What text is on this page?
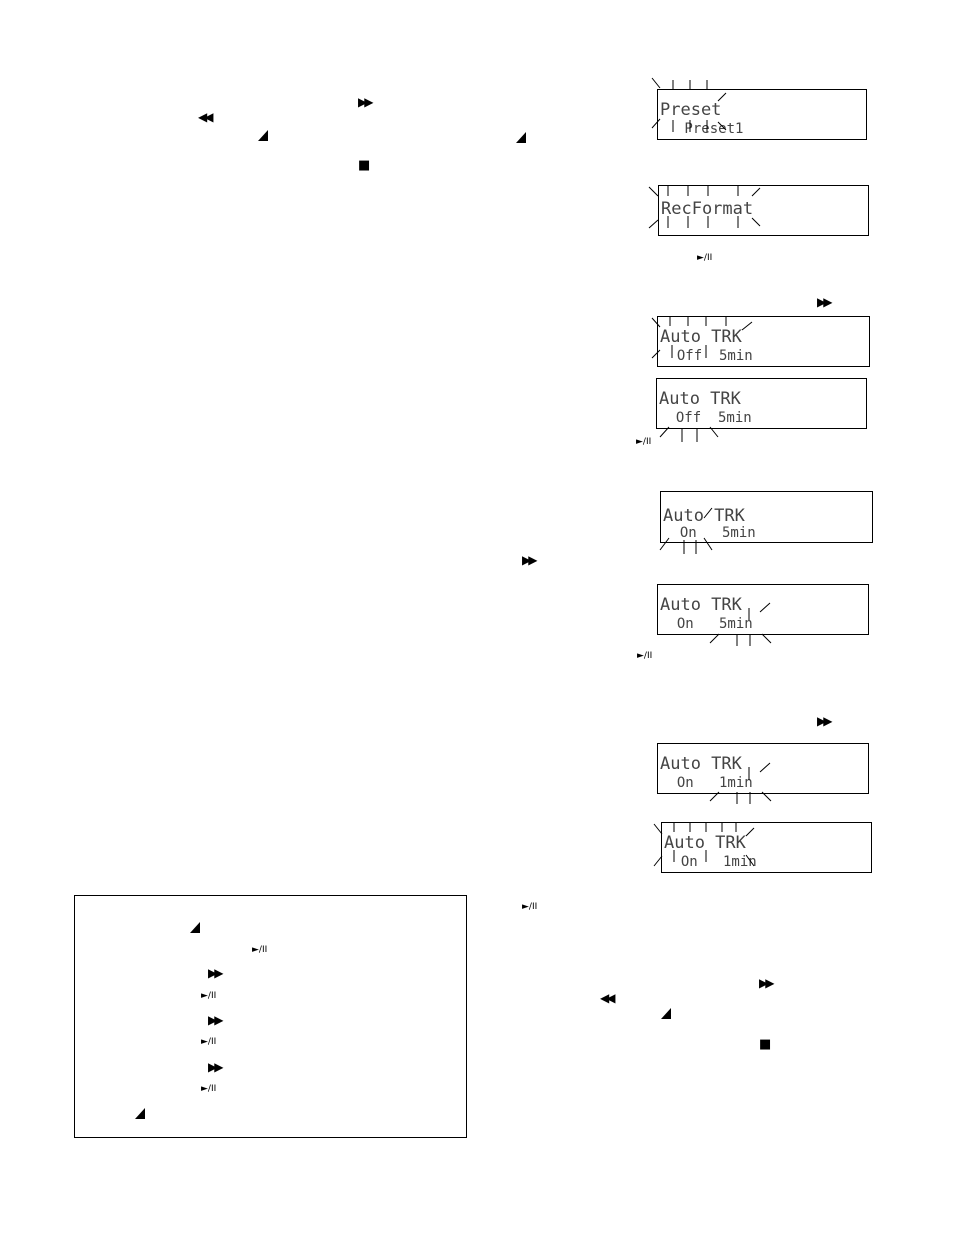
▶▶
◀◀
■
►/II
▶▶
►/II
▶▶
►/II
▶▶
►/II
▶▶
◀◀
■
Preset
Preset1
RecFormat
Auto TRK
Off  5min
Auto TRK
Off  5min
Auto TRK
On   5min
Auto TRK
On   5min
Auto TRK
On   1min
Auto TRK
On   1min
►/II
▶▶
►/II
▶▶
►/II
▶▶
►/II
